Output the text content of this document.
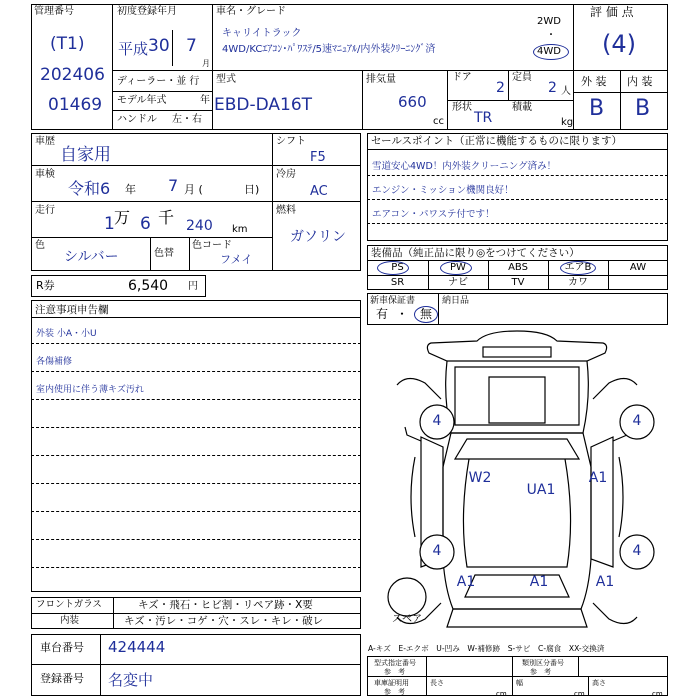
管理番号
(T1)
202406
01469
初度登録年月
平成 30 7
月
ディーラー・並 行
モデル年式	年
ハンドル 左・右
車名・グレード
キャリイトラック
4WD/KCｴｱｺﾝ･ﾊﾟﾜｽﾃ/5速ﾏﾆｭｱﾙ/内外装ｸﾘｰﾆﾝｸﾞ済
2WD
・
4WD
型式
EBD-DA16T
排気量
660
cc
ドア
2
定員
2 人
形状
TR
積載
kg
評 価 点
(4)
外 装 内 装
B B
車歴
自家用
車検
令和6 年 7 月 (	日)
走行
1 万 6 千 240 km
色
シルバー	色替
色コード
フメイ
シフト
F5
冷房
AC
燃料
ガソリン
R券	6,540 円
セールスポイント（正常に機能するものに限ります）
雪道安心4WD！内外装クリーニング済み！
エンジン・ミッション機関良好！
エアコン・パワステ付です！
装備品（純正品に限り◎をつけてください）
PS	PW	ABS	エアB	AW
SR	ナビ	TV	カワ
新車保証書
有 ・ 無
納日品
注意事項申告欄
外装 小A・小U
各傷補修
室内使用に伴う薄キズ汚れ
4	4
4	4
W2
UA1
A1
A1	A1	A1
スペア
フロントガラス	キズ・飛石・ヒビ割・リペア跡・X要
内装	キズ・汚レ・コゲ・穴・スレ・キレ・破レ
車台番号 424444
登録番号 名変中
A-キズ　E-エクボ　U-凹み　W-補修跡　S-サビ　C-腐食　XX-交換済
型式指定番号
参　考
類別区分番号
参　考
車庫証明用
参　考
長さ
cm
幅
cm
高さ
cm
